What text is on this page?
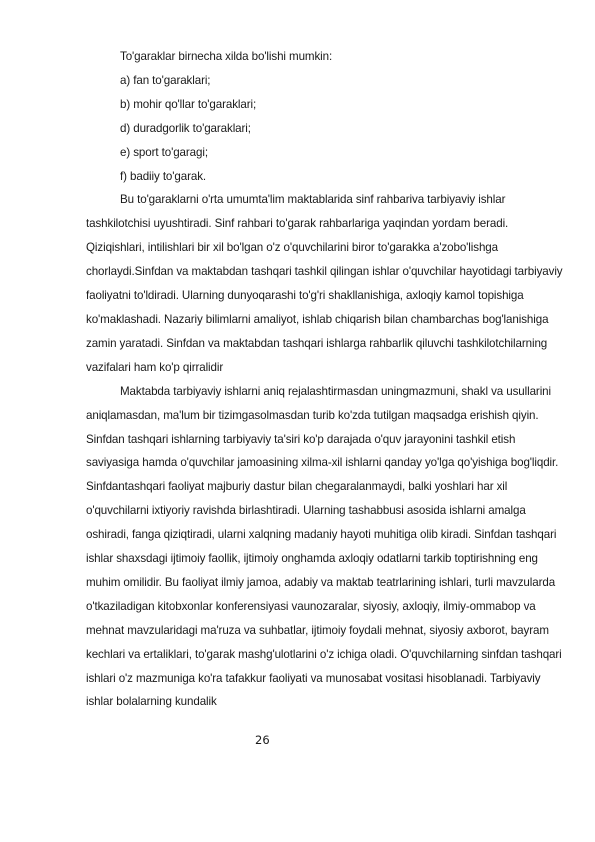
To'garaklar birnecha xilda bo'lishi mumkin:
a) fan to'garaklari;
b) mohir qo'llar to'garaklari;
d) duradgorlik to'garaklari;
e) sport to'garagi;
f) badiiy to'garak.

Bu to'garaklarni o'rta umumta'lim maktablarida sinf rahbariva tarbiyaviy ishlar tashkilotchisi uyushtiradi. Sinf rahbari to'garak rahbarlariga yaqindan yordam beradi. Qiziqishlari, intilishlari bir xil bo'lgan o'z o'quvchilarini biror to'garakka a'zobo'lishga chorlaydi.Sinfdan va maktabdan tashqari tashkil qilingan ishlar o'quvchilar hayotidagi tarbiyaviy faoliyatni to'ldiradi. Ularning dunyoqarashi to'g'ri shakllanishiga, axloqiy kamol topishiga ko'maklashadi. Nazariy bilimlarni amaliyot, ishlab chiqarish bilan chambarchas bog'lanishiga zamin yaratadi. Sinfdan va maktabdan tashqari ishlarga rahbarlik qiluvchi tashkilotchilarning vazifalari ham ko'p qirralidir

Maktabda tarbiyaviy ishlarni aniq rejalashtirmasdan uningmazmuni, shakl va usullarini aniqlamasdan, ma'lum bir tizimgasolmasdan turib ko'zda tutilgan maqsadga erishish qiyin. Sinfdan tashqari ishlarning tarbiyaviy ta'siri ko'p darajada o'quv jarayonini tashkil etish saviyasiga hamda o'quvchilar jamoasining xilma-xil ishlarni qanday yo'lga qo'yishiga bog'liqdir. Sinfdantashqari faoliyat majburiy dastur bilan chegaralanmaydi, balki yoshlari har xil o'quvchilarni ixtiyoriy ravishda birlashtiradi. Ularning tashabbusi asosida ishlarni amalga oshiradi, fanga qiziqtiradi, ularni xalqning madaniy hayoti muhitiga olib kiradi. Sinfdan tashqari ishlar shaxsdagi ijtimoiy faollik, ijtimoiy onghamda axloqiy odatlarni tarkib toptirishning eng muhim omilidir. Bu faoliyat ilmiy jamoa, adabiy va maktab teatrlarining ishlari, turli mavzularda o'tkaziladigan kitobxonlar konferensiyasi vaunozaralar, siyosiy, axloqiy, ilmiy-ommabop va mehnat mavzularidagi ma'ruza va suhbatlar, ijtimoiy foydali mehnat, siyosiy axborot, bayram kechlari va ertaliklari, to'garak mashg'ulotlarini o'z ichiga oladi. O'quvchilarning sinfdan tashqari ishlari o'z mazmuniga ko'ra tafakkur faoliyati va munosabat vositasi hisoblanadi. Tarbiyaviy ishlar bolalarning kundalik

26
